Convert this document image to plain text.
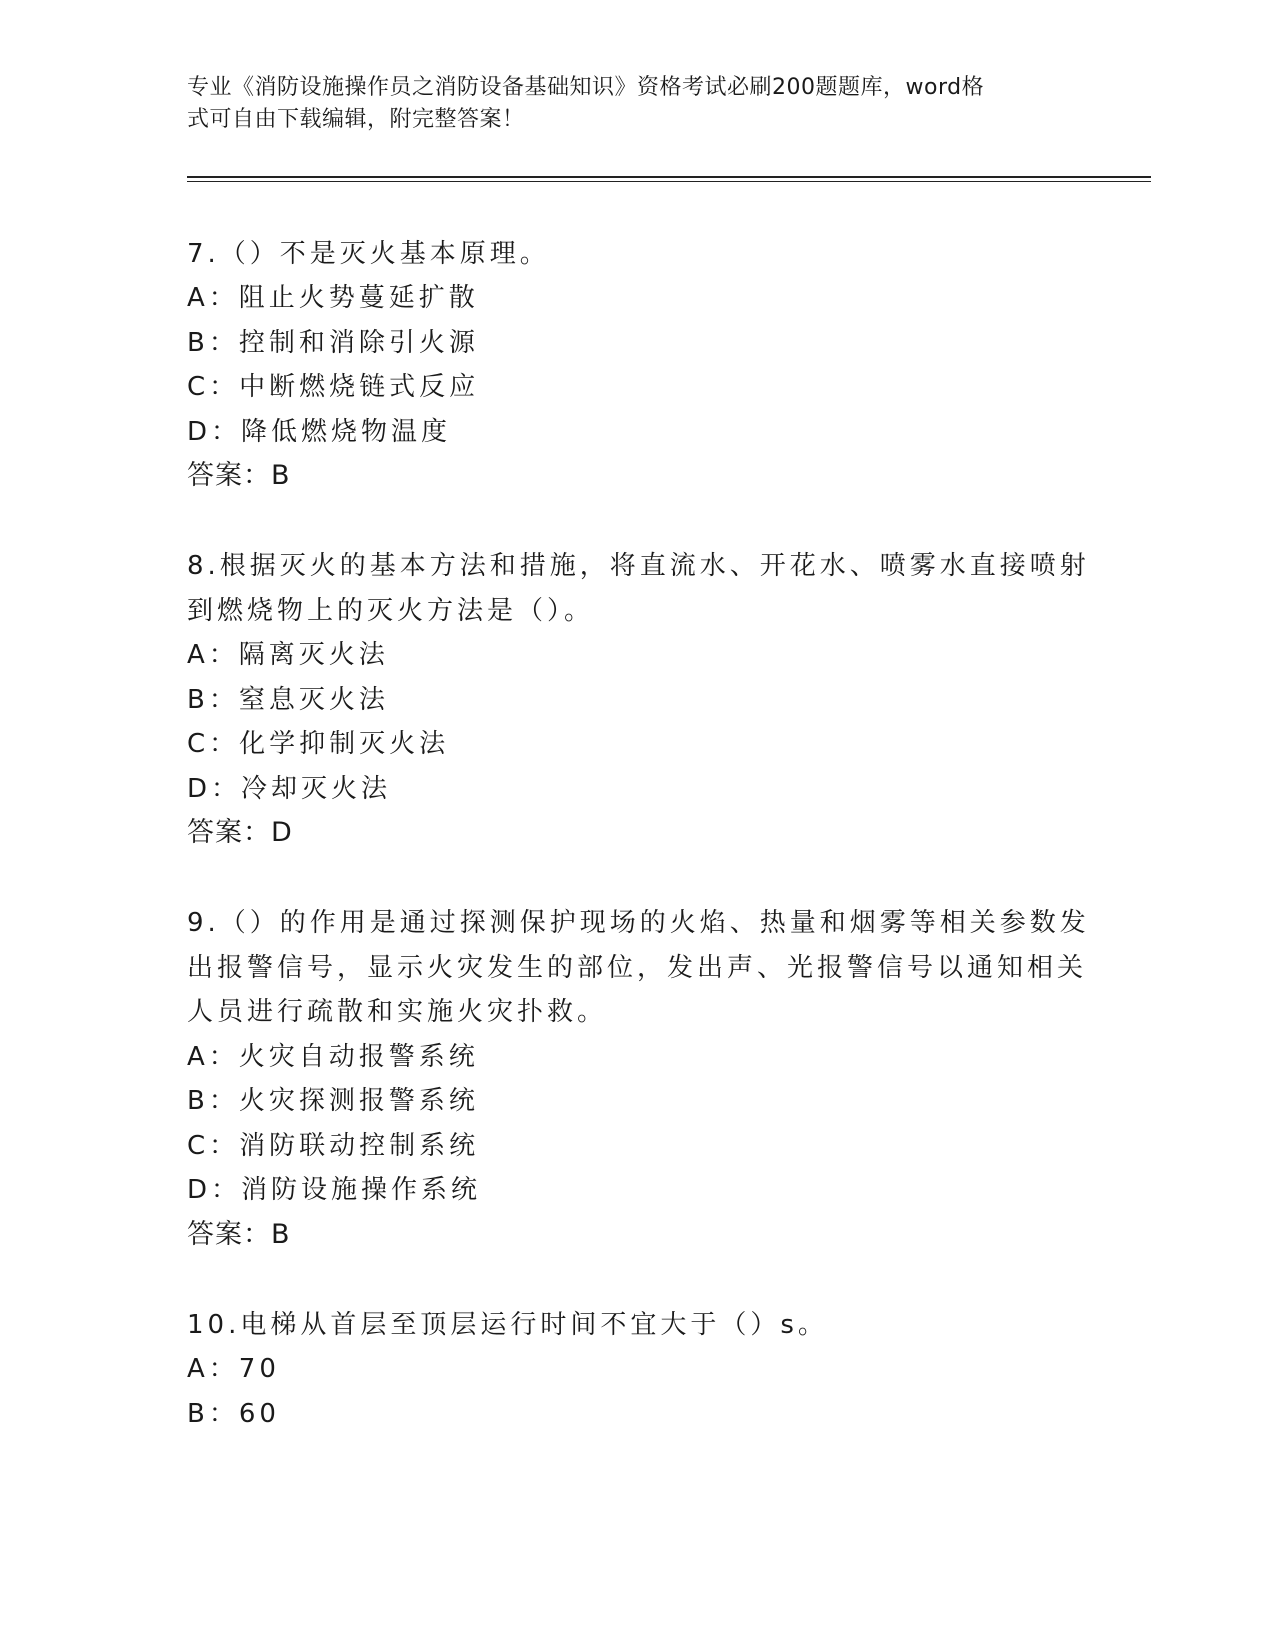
专业《消防设施操作员之消防设备基础知识》资格考试必刷200题题库，word格
式可自由下载编辑，附完整答案！
7.（）不是灭火基本原理。
A：阻止火势蔓延扩散
B：控制和消除引火源
C：中断燃烧链式反应
D：降低燃烧物温度
答案：B
8.根据灭火的基本方法和措施，将直流水、开花水、喷雾水直接喷射
到燃烧物上的灭火方法是（）。
A：隔离灭火法
B：窒息灭火法
C：化学抑制灭火法
D：冷却灭火法
答案：D
9.（）的作用是通过探测保护现场的火焰、热量和烟雾等相关参数发
出报警信号，显示火灾发生的部位，发出声、光报警信号以通知相关
人员进行疏散和实施火灾扑救。
A：火灾自动报警系统
B：火灾探测报警系统
C：消防联动控制系统
D：消防设施操作系统
答案：B
10.电梯从首层至顶层运行时间不宜大于（）s。
A：70
B：60
